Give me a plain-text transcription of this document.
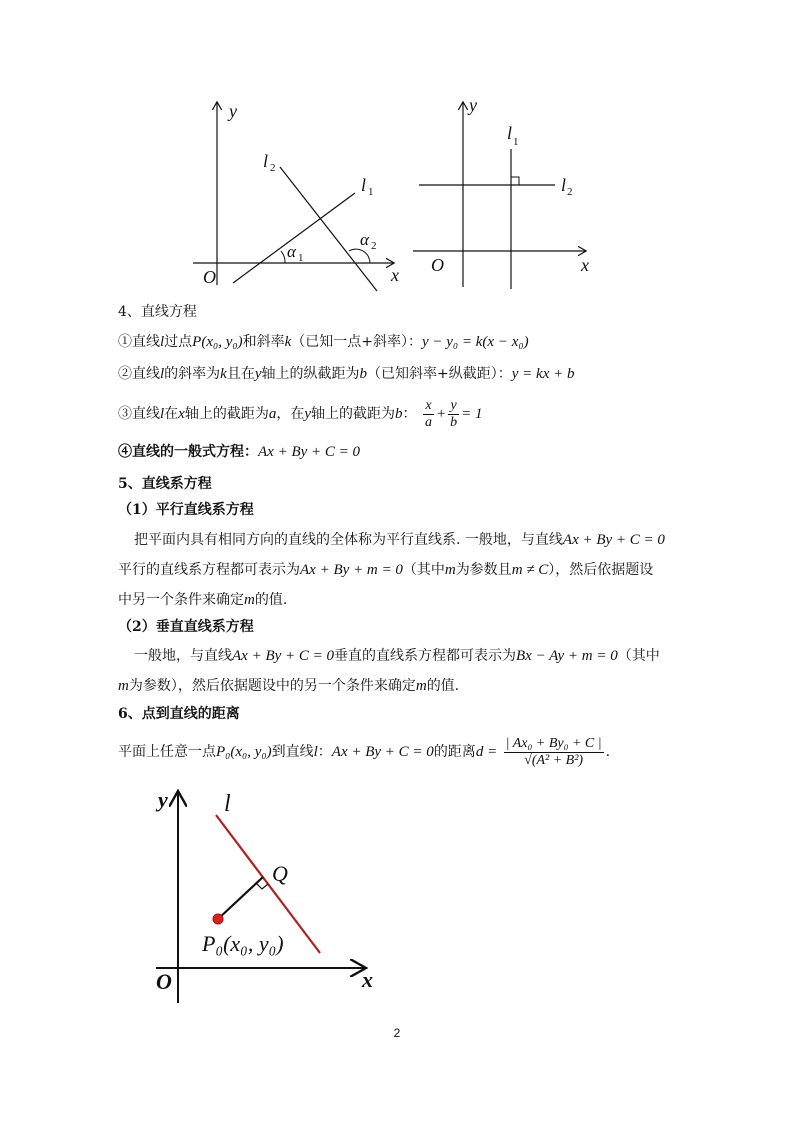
y
x
O
l 2
l 1
α 1
α 2
y
x
O
l 1
l 2
4、直线方程
①直线l过点P(x₀, y₀)和斜率k（已知一点+斜率）：y − y₀ = k(x − x₀)
②直线l的斜率为k且在y轴上的纵截距为b（已知斜率+纵截距）：y = kx + b
③直线l在x轴上的截距为a，在y轴上的截距为b： $\frac{x}{a} + \frac{y}{b} = 1$
④直线的一般式方程：Ax + By + C = 0
5、直线系方程
（1）平行直线系方程
把平面内具有相同方向的直线的全体称为平行直线系. 一般地，与直线Ax + By + C = 0
平行的直线系方程都可表示为Ax + By + m = 0（其中m为参数且m ≠ C），然后依据题设
中另一个条件来确定m的值.
（2）垂直直线系方程
一般地，与直线Ax + By + C = 0垂直的直线系方程都可表示为Bx − Ay + m = 0（其中
m为参数），然后依据题设中的另一个条件来确定m的值.
6、点到直线的距离
平面上任意一点P₀(x₀, y₀)到直线l：Ax + By + C = 0的距离$d = \frac{\text{| Ax₀ + By₀ + C |}}{\text{√(A² + B²)}}$ .
y
x
O
l
Q
P₀(x₀, y₀)
2
